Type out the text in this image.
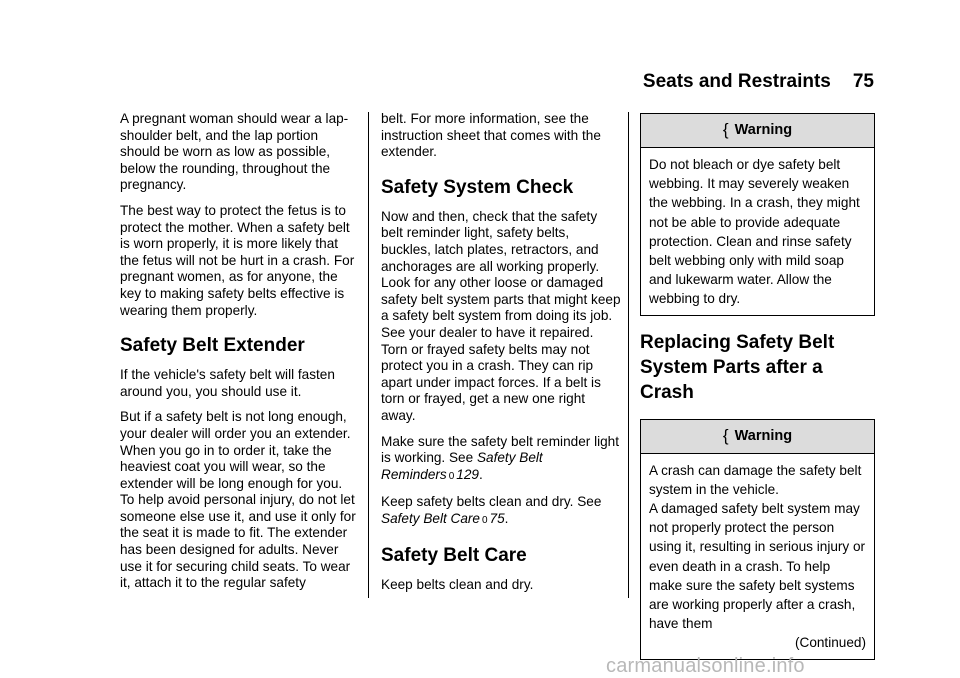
Seats and Restraints 75

A pregnant woman should wear a lap-shoulder belt, and the lap portion should be worn as low as possible, below the rounding, throughout the pregnancy.

The best way to protect the fetus is to protect the mother. When a safety belt is worn properly, it is more likely that the fetus will not be hurt in a crash. For pregnant women, as for anyone, the key to making safety belts effective is wearing them properly.

Safety Belt Extender

If the vehicle's safety belt will fasten around you, you should use it.

But if a safety belt is not long enough, your dealer will order you an extender. When you go in to order it, take the heaviest coat you will wear, so the extender will be long enough for you. To help avoid personal injury, do not let someone else use it, and use it only for the seat it is made to fit. The extender has been designed for adults. Never use it for securing child seats. To wear it, attach it to the regular safety

belt. For more information, see the instruction sheet that comes with the extender.

Safety System Check

Now and then, check that the safety belt reminder light, safety belts, buckles, latch plates, retractors, and anchorages are all working properly. Look for any other loose or damaged safety belt system parts that might keep a safety belt system from doing its job. See your dealer to have it repaired. Torn or frayed safety belts may not protect you in a crash. They can rip apart under impact forces. If a belt is torn or frayed, get a new one right away.

Make sure the safety belt reminder light is working. See Safety Belt Reminders 0 129.

Keep safety belts clean and dry. See Safety Belt Care 0 75.

Safety Belt Care

Keep belts clean and dry.

{ Warning

Do not bleach or dye safety belt webbing. It may severely weaken the webbing. In a crash, they might not be able to provide adequate protection. Clean and rinse safety belt webbing only with mild soap and lukewarm water. Allow the webbing to dry.

Replacing Safety Belt System Parts after a Crash
{ Warning

A crash can damage the safety belt system in the vehicle.

A damaged safety belt system may not properly protect the person using it, resulting in serious injury or even death in a crash. To help make sure the safety belt systems are working properly after a crash, have them

(Continued)

carmanualsonline.info
